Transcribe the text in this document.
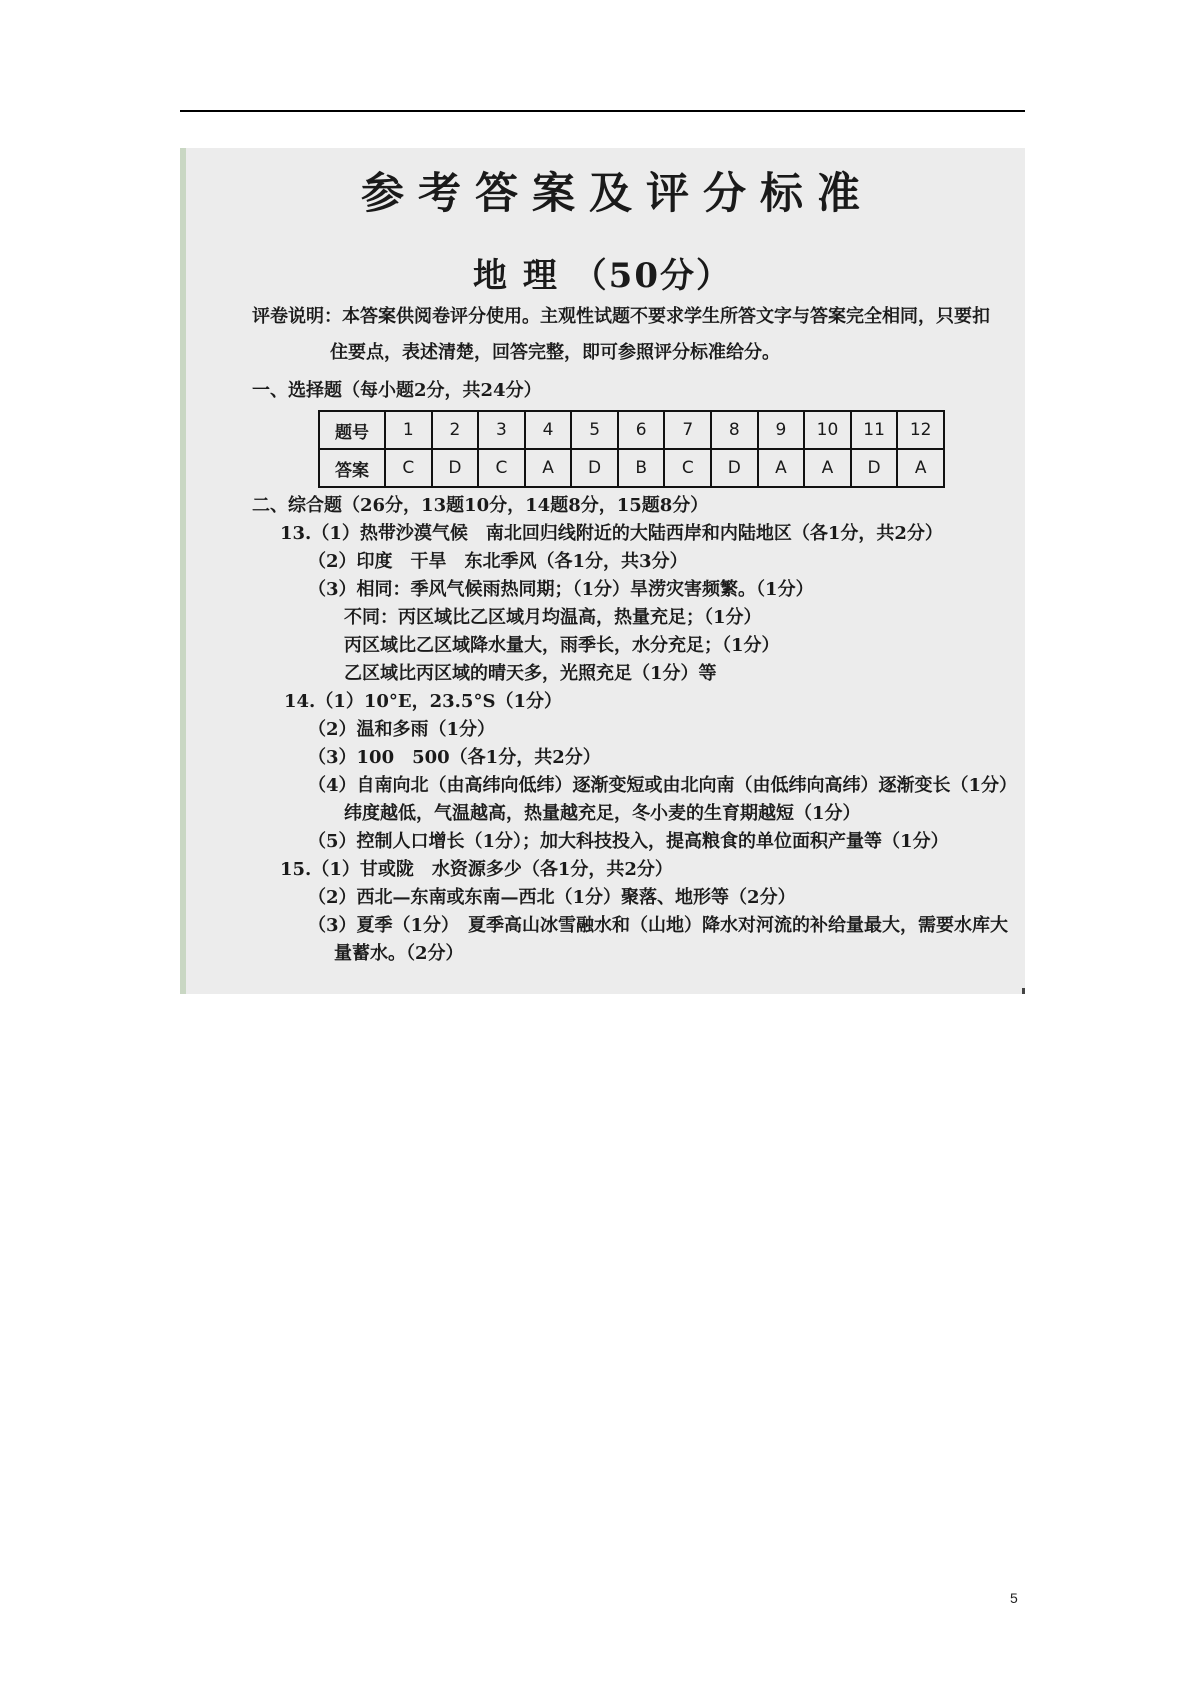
参考答案及评分标准
地 理 （50分）
评卷说明：本答案供阅卷评分使用。主观性试题不要求学生所答文字与答案完全相同，只要扣
住要点，表述清楚，回答完整，即可参照评分标准给分。
一、选择题（每小题2分，共24分）
题号	1	2	3	4	5	6	7	8	9	10	11	12
答案	C	D	C	A	D	B	C	D	A	A	D	A
二、综合题（26分，13题10分，14题8分，15题8分）
13.（1）热带沙漠气候　南北回归线附近的大陆西岸和内陆地区（各1分，共2分）
（2）印度　干旱　东北季风（各1分，共3分）
（3）相同：季风气候雨热同期；（1分）旱涝灾害频繁。（1分）
不同：丙区域比乙区域月均温高，热量充足；（1分）
丙区域比乙区域降水量大，雨季长，水分充足；（1分）
乙区域比丙区域的晴天多，光照充足（1分）等
14.（1）10°E，23.5°S（1分）
（2）温和多雨（1分）
（3）100　500（各1分，共2分）
（4）自南向北（由高纬向低纬）逐渐变短或由北向南（由低纬向高纬）逐渐变长（1分）
纬度越低，气温越高，热量越充足，冬小麦的生育期越短（1分）
（5）控制人口增长（1分）；加大科技投入，提高粮食的单位面积产量等（1分）
15.（1）甘或陇　水资源多少（各1分，共2分）
（2）西北—东南或东南—西北（1分）聚落、地形等（2分）
（3）夏季（1分）　夏季高山冰雪融水和（山地）降水对河流的补给量最大，需要水库大
量蓄水。（2分）
5
